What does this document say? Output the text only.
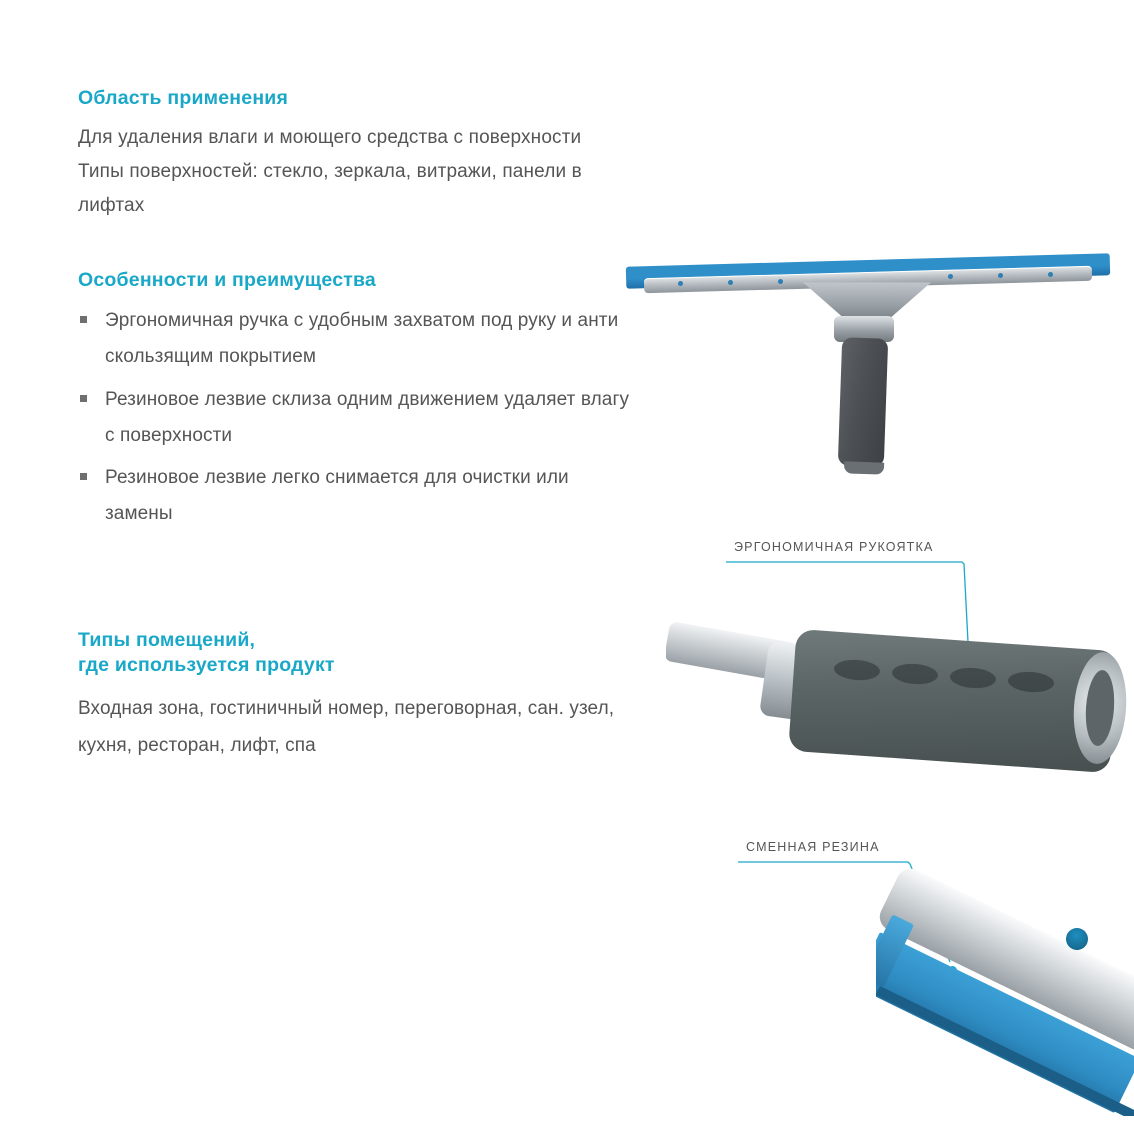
Область применения
Для удаления влаги и моющего средства с поверхности
Типы поверхностей: стекло, зеркала, витражи, панели в лифтах
Особенности и преимущества
Эргономичная ручка с удобным захватом под руку и анти скользящим покрытием
Резиновое лезвие склиза одним движением удаляет влагу с поверхности
Резиновое лезвие легко снимается для очистки или замены
Типы помещений,
где используется продукт
Входная зона, гостиничный номер, переговорная, сан. узел, кухня, ресторан, лифт, спа
ЭРГОНОМИЧНАЯ РУКОЯТКА
СМЕННАЯ РЕЗИНА
